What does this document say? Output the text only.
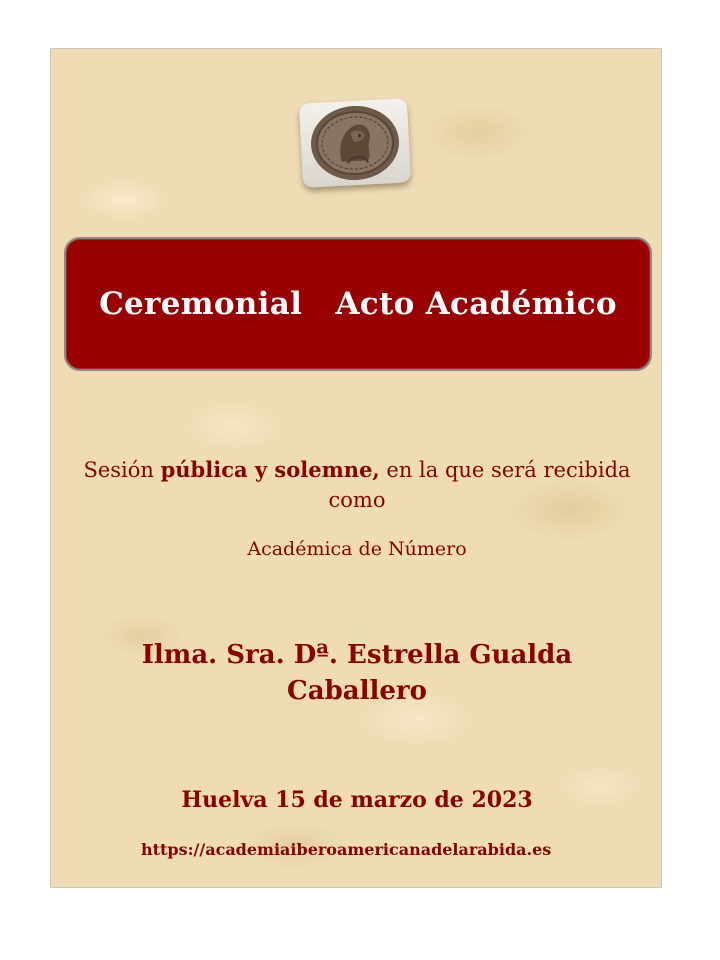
Ceremonial   Acto Académico
Sesión pública y solemne, en la que será recibida como
Académica de Número
Ilma. Sra. Dª. Estrella Gualda
Caballero
Huelva 15 de marzo de 2023
https://academiaiberoamericanadelarabida.es
